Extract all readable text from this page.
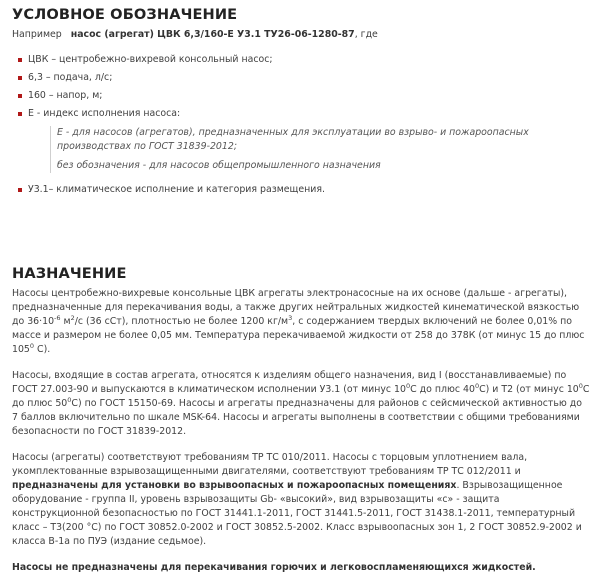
УСЛОВНОЕ ОБОЗНАЧЕНИЕ
Например насос (агрегат) ЦВК 6,3/160-Е У3.1 ТУ26-06-1280-87, где
ЦВК – центробежно-вихревой консольный насос;
6,3 – подача, л/с;
160 – напор, м;
Е - индекс исполнения насоса:

Е - для насосов (агрегатов), предназначенных для эксплуатации во взрыво- и пожароопасных производствах по ГОСТ 31839-2012;

без обозначения - для насосов общепромышленного назначения

У3.1– климатическое исполнение и категория размещения.
НАЗНАЧЕНИЕ

Насосы центробежно-вихревые консольные ЦВК агрегаты электронасосные на их основе (дальше - агрегаты), предназначенные для перекачивания воды, а также других нейтральных жидкостей кинематической вязкостью до $36\cdot 10^{-6}$ $м^2/с$ (36 сСт), плотностью не более 1200 $кг/м^3$, с содержанием твердых включений не более 0,01% по массе и размером не более 0,05 мм. Температура перекачиваемой жидкости от 258 до 378К (от минус 15 до плюс $105^0$ С).

Насосы, входящие в состав агрегата, относятся к изделиям общего назначения, вид I (восстанавливаемые) по ГОСТ 27.003-90 и выпускаются в климатическом исполнении У3.1 (от минус $10^0С$ до плюс $40^0С$) и Т2 (от минус $10^0С$ до плюс $50^0С$) по ГОСТ 15150-69. Насосы и агрегаты предназначены для районов с сейсмической активностью до 7 баллов включительно по шкале MSK-64. Насосы и агрегаты выполнены в соответствии с общими требованиями безопасности по ГОСТ 31839-2012.

Насосы (агрегаты) соответствуют требованиям ТР ТС 010/2011. Насосы с торцовым уплотнением вала, укомплектованные взрывозащищенными двигателями, соответствуют требованиям ТР ТС 012/2011 и предназначены для установки во взрывоопасных и пожароопасных помещениях. Взрывозащищенное оборудование - группа II, уровень взрывозащиты Gb- «высокий», вид взрывозащиты «с» - защита конструкционной безопасностью по ГОСТ 31441.1-2011, ГОСТ 31441.5-2011, ГОСТ 31438.1-2011, температурный класс – Т3(200 °С) по ГОСТ 30852.0-2002 и ГОСТ 30852.5-2002. Класс взрывоопасных зон 1, 2 ГОСТ 30852.9-2002 и класса В-1а по ПУЭ (издание седьмое).

Насосы не предназначены для перекачивания горючих и легковоспламеняющихся жидкостей.
